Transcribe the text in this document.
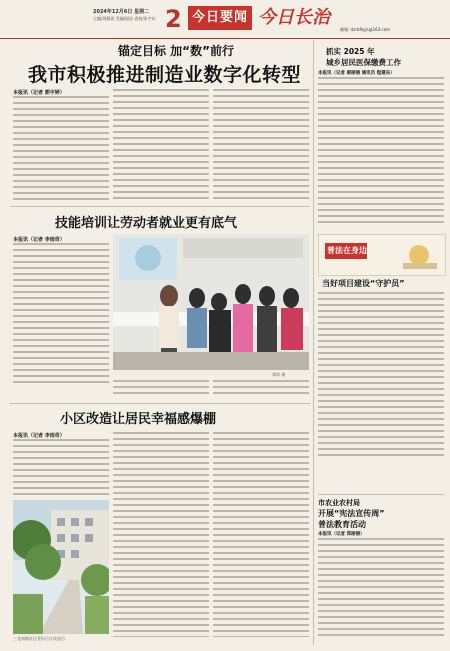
2024年12月6日 星期二
主编/周静玥 美编/邱思 责校/朱宇东 2 今日要闻 今日长治
邮箱: dzrbfkyjs@163.com
锚定目标 加“数”前行
我市积极推进制造业数字化转型
本报讯（记者 郭宇婷）
技能培训让劳动者就业更有底气
本报讯（记者 李雨奇）
郑炳 摄
小区改造让居民幸福感爆棚
本报讯（记者 李雨奇）
三龙南路社区老旧小区改造后
抓实 2025 年
城乡居民医保缴费工作
本报讯（记者 郝丽丽 通讯员 程建东）
普法在身边
当好项目建设“守护员”
市农业农村局
开展“宪法宣传周”
普法教育活动
本报讯（记者 郑丽丽）
